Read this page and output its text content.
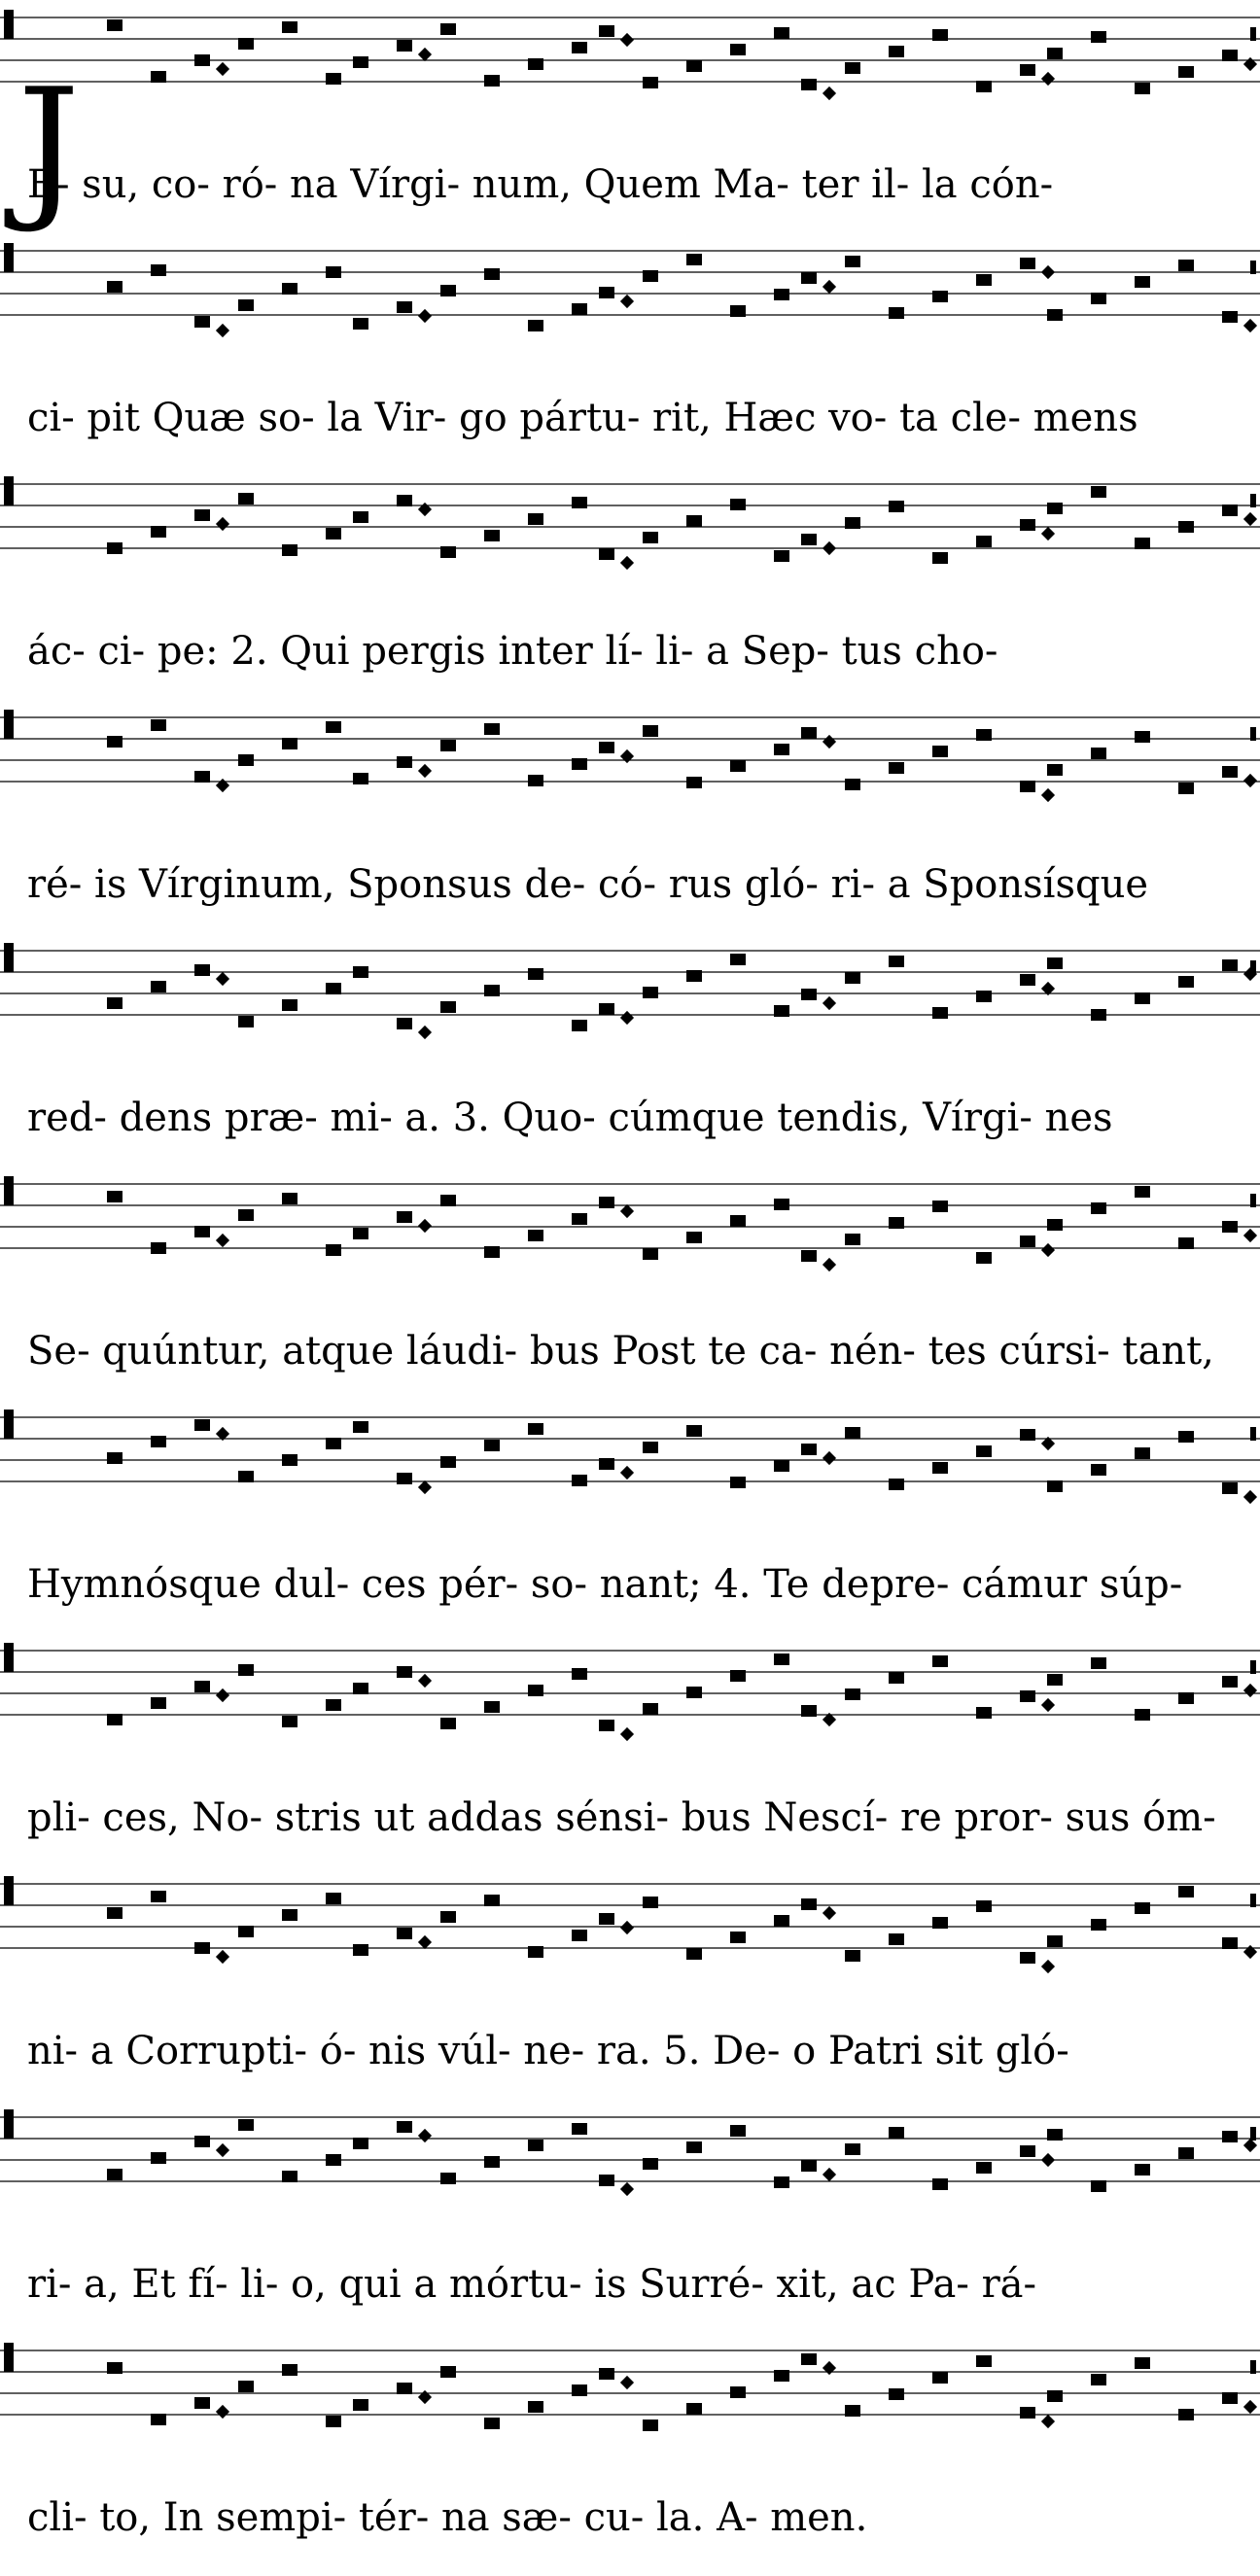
E- su, co- ró- na Vírgi- num, Quem Ma- ter il- la cón-
ci- pit Quæ so- la Vir- go pártu- rit, Hæc vo- ta cle- mens
ác- ci- pe: 2. Qui pergis inter lí- li- a Sep- tus cho-
ré- is Vírginum, Sponsus de- có- rus gló- ri- a Sponsísque
red- dens præ- mi- a. 3. Quo- cúmque tendis, Vírgi- nes
Se- quúntur, atque láudi- bus Post te ca- nén- tes cúrsi- tant,
Hymnósque dul- ces pér- so- nant; 4. Te depre- cámur súp-
pli- ces, No- stris ut addas sénsi- bus Nescí- re pror- sus óm-
ni- a Corrupti- ó- nis vúl- ne- ra. 5. De- o Patri sit gló-
ri- a, Et fí- li- o, qui a mórtu- is Surré- xit, ac Pa- rá-
cli- to, In sempi- tér- na sæ- cu- la. A- men.
J
